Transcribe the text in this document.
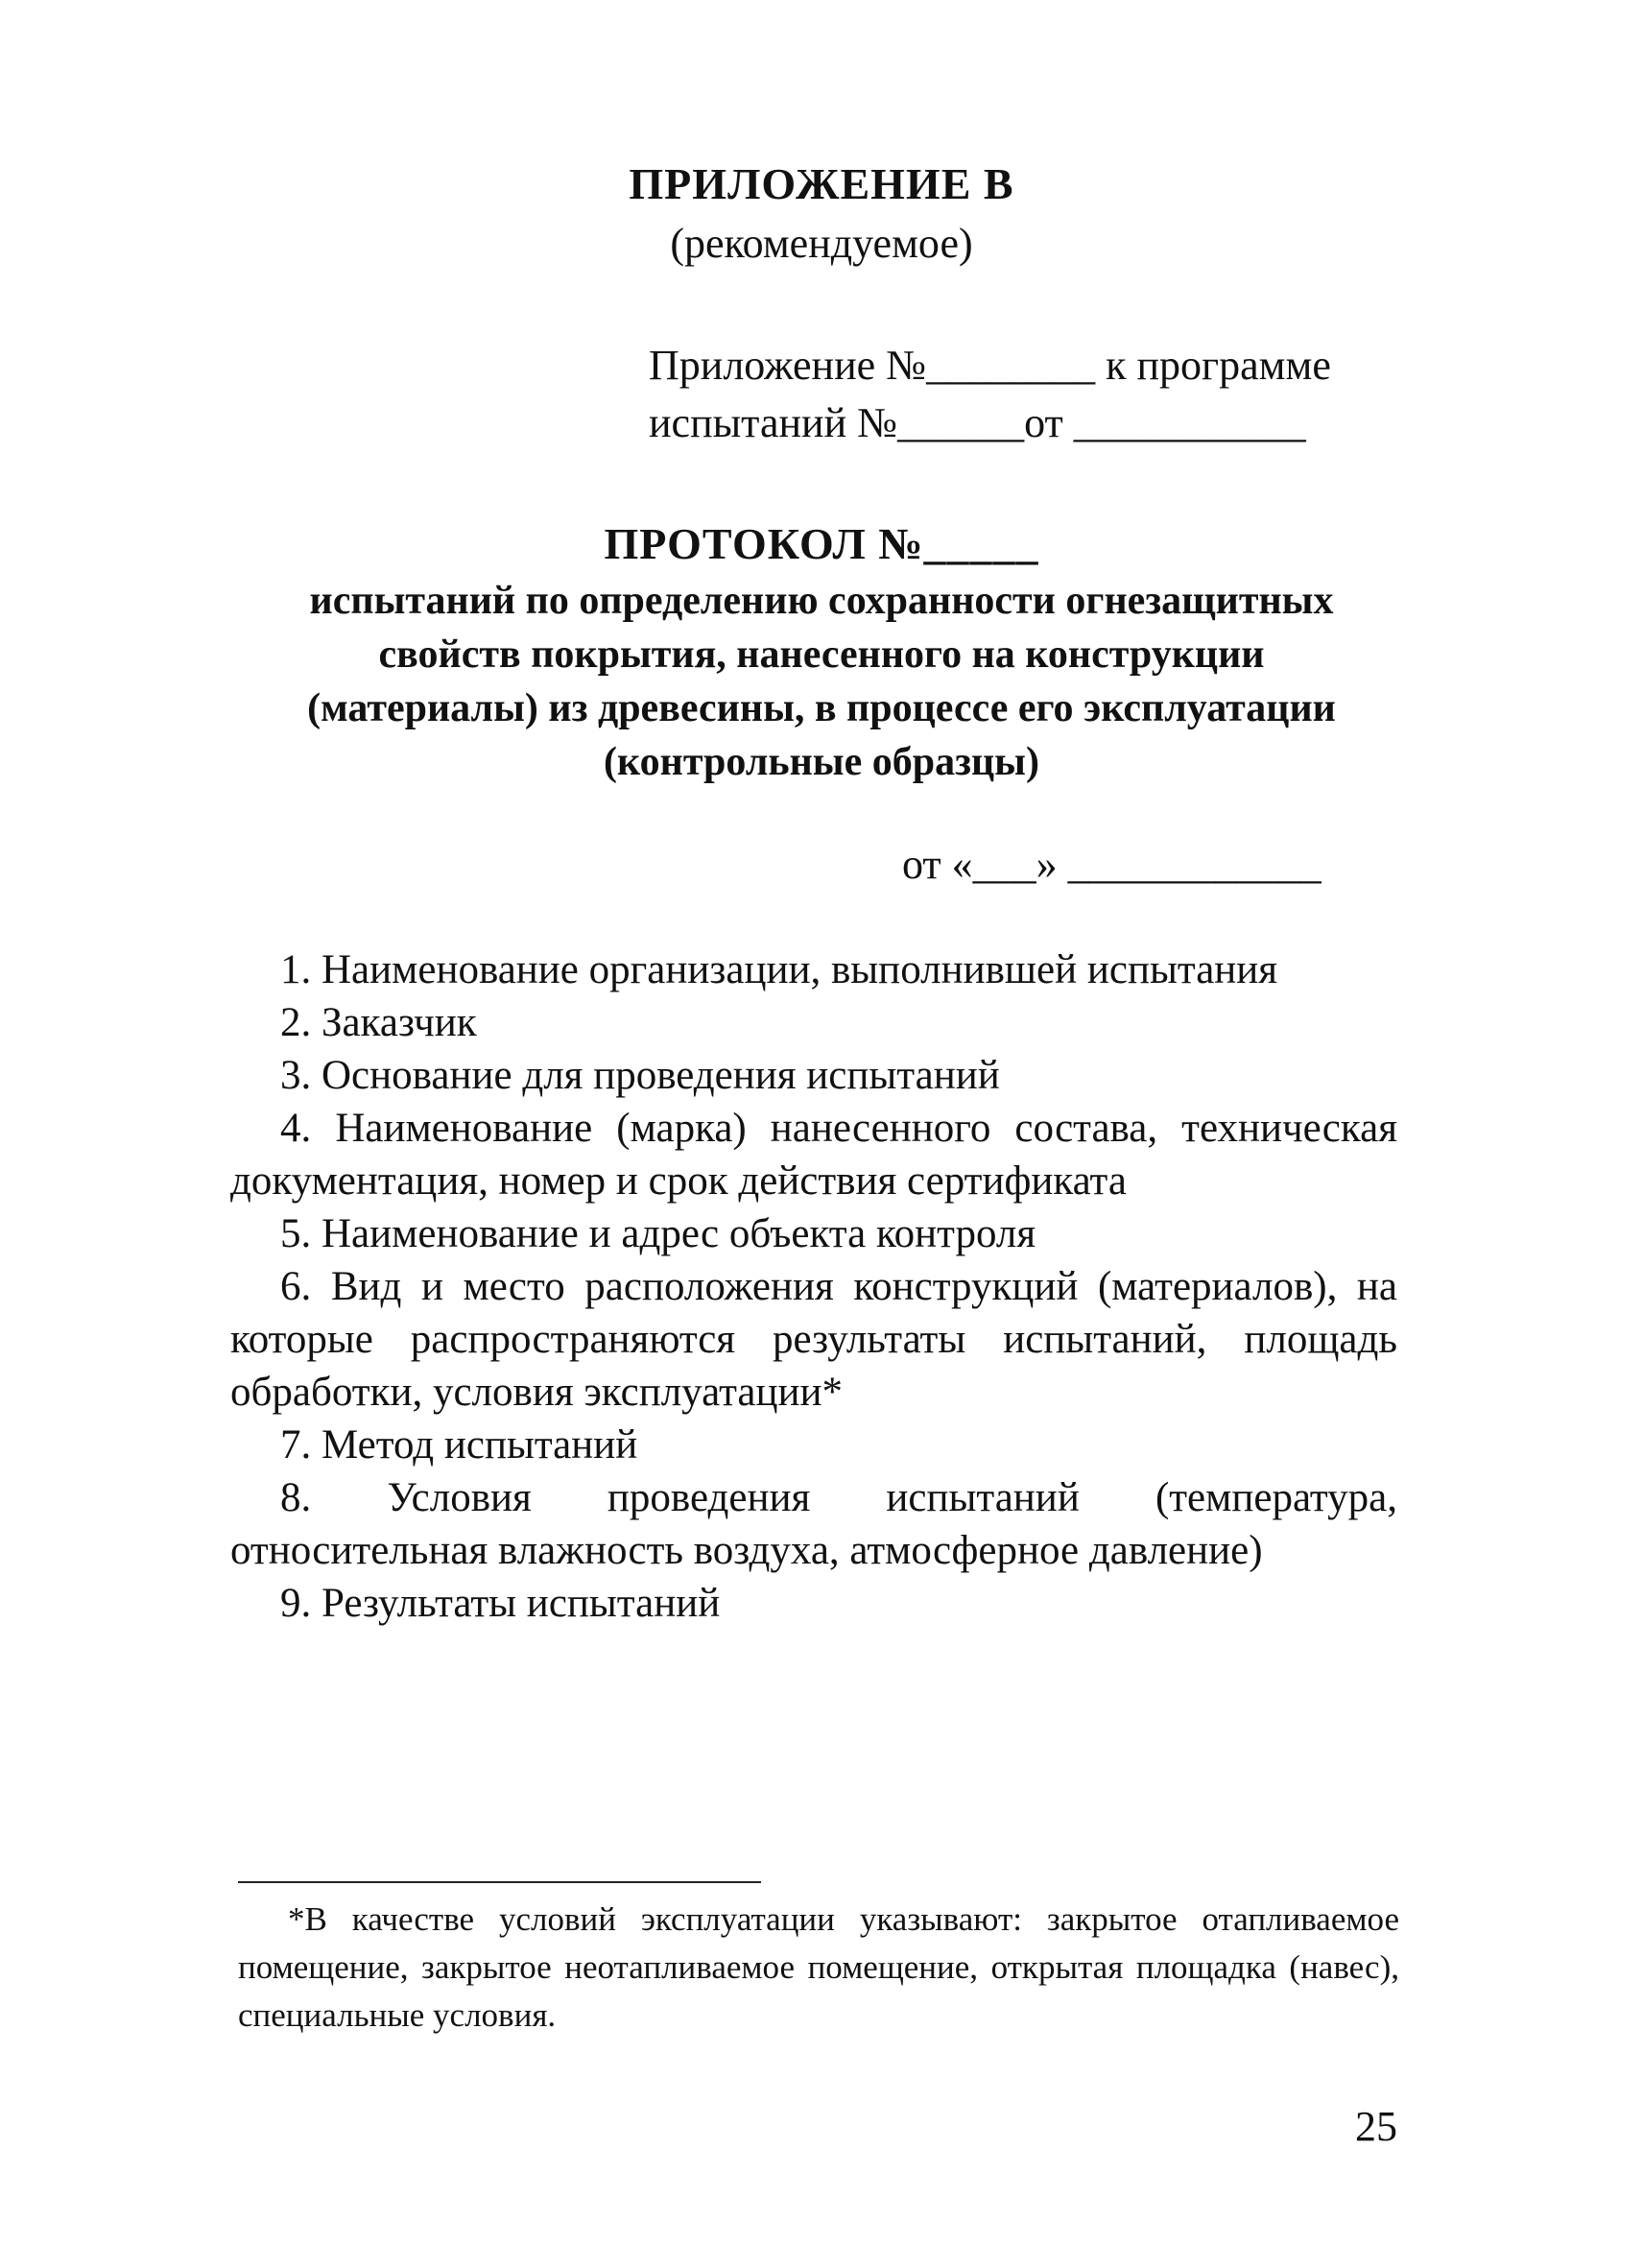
ПРИЛОЖЕНИЕ В
(рекомендуемое)
Приложение №________ к программе
испытаний №______от ___________
ПРОТОКОЛ №_____
испытаний по определению сохранности огнезащитных
свойств покрытия, нанесенного на конструкции
(материалы) из древесины, в процессе его эксплуатации
(контрольные образцы)
от «___» ____________

1. Наименование организации, выполнившей испытания

2. Заказчик

3. Основание для проведения испытаний

4. Наименование (марка) нанесенного состава, техническая документация, номер и срок действия сертификата

5. Наименование и адрес объекта контроля

6. Вид и место расположения конструкций (материалов), на которые распространяются результаты испытаний, площадь обработки, условия эксплуатации*

7. Метод испытаний

8. Условия проведения испытаний (температура, относительная влажность воздуха, атмосферное давление)

9. Результаты испытаний

*В качестве условий эксплуатации указывают: закрытое отапливаемое помещение, закрытое неотапливаемое помещение, открытая площадка (навес), специальные условия.
25
